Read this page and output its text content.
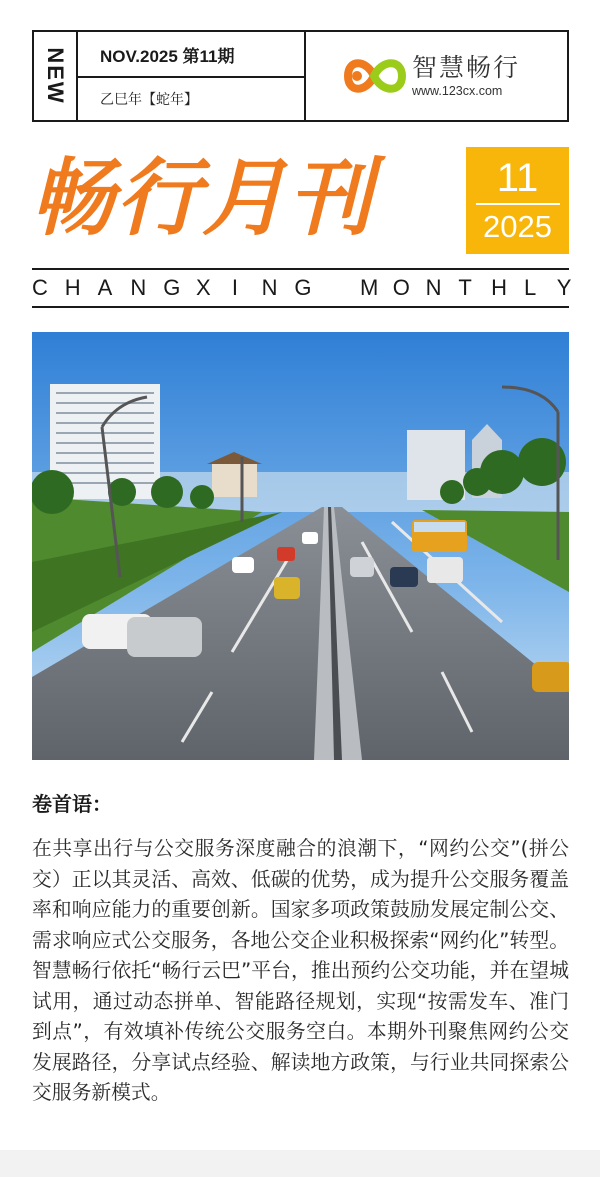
NEW	NOV.2025 第11期
乙巳年【蛇年】
智慧畅行
www.123cx.com
畅行月刊	11
2025
C H A N G X I N G
M O N T H L Y
卷首语：
在共享出行与公交服务深度融合的浪潮下，“网约公交”(拼公交）正以其灵活、高效、低碳的优势，成为提升公交服务覆盖率和响应能力的重要创新。国家多项政策鼓励发展定制公交、需求响应式公交服务，各地公交企业积极探索“网约化”转型。智慧畅行依托“畅行云巴”平台，推出预约公交功能，并在望城试用，通过动态拼单、智能路径规划，实现“按需发车、准门到点”，有效填补传统公交服务空白。本期外刊聚焦网约公交发展路径，分享试点经验、解读地方政策，与行业共同探索公交服务新模式。
